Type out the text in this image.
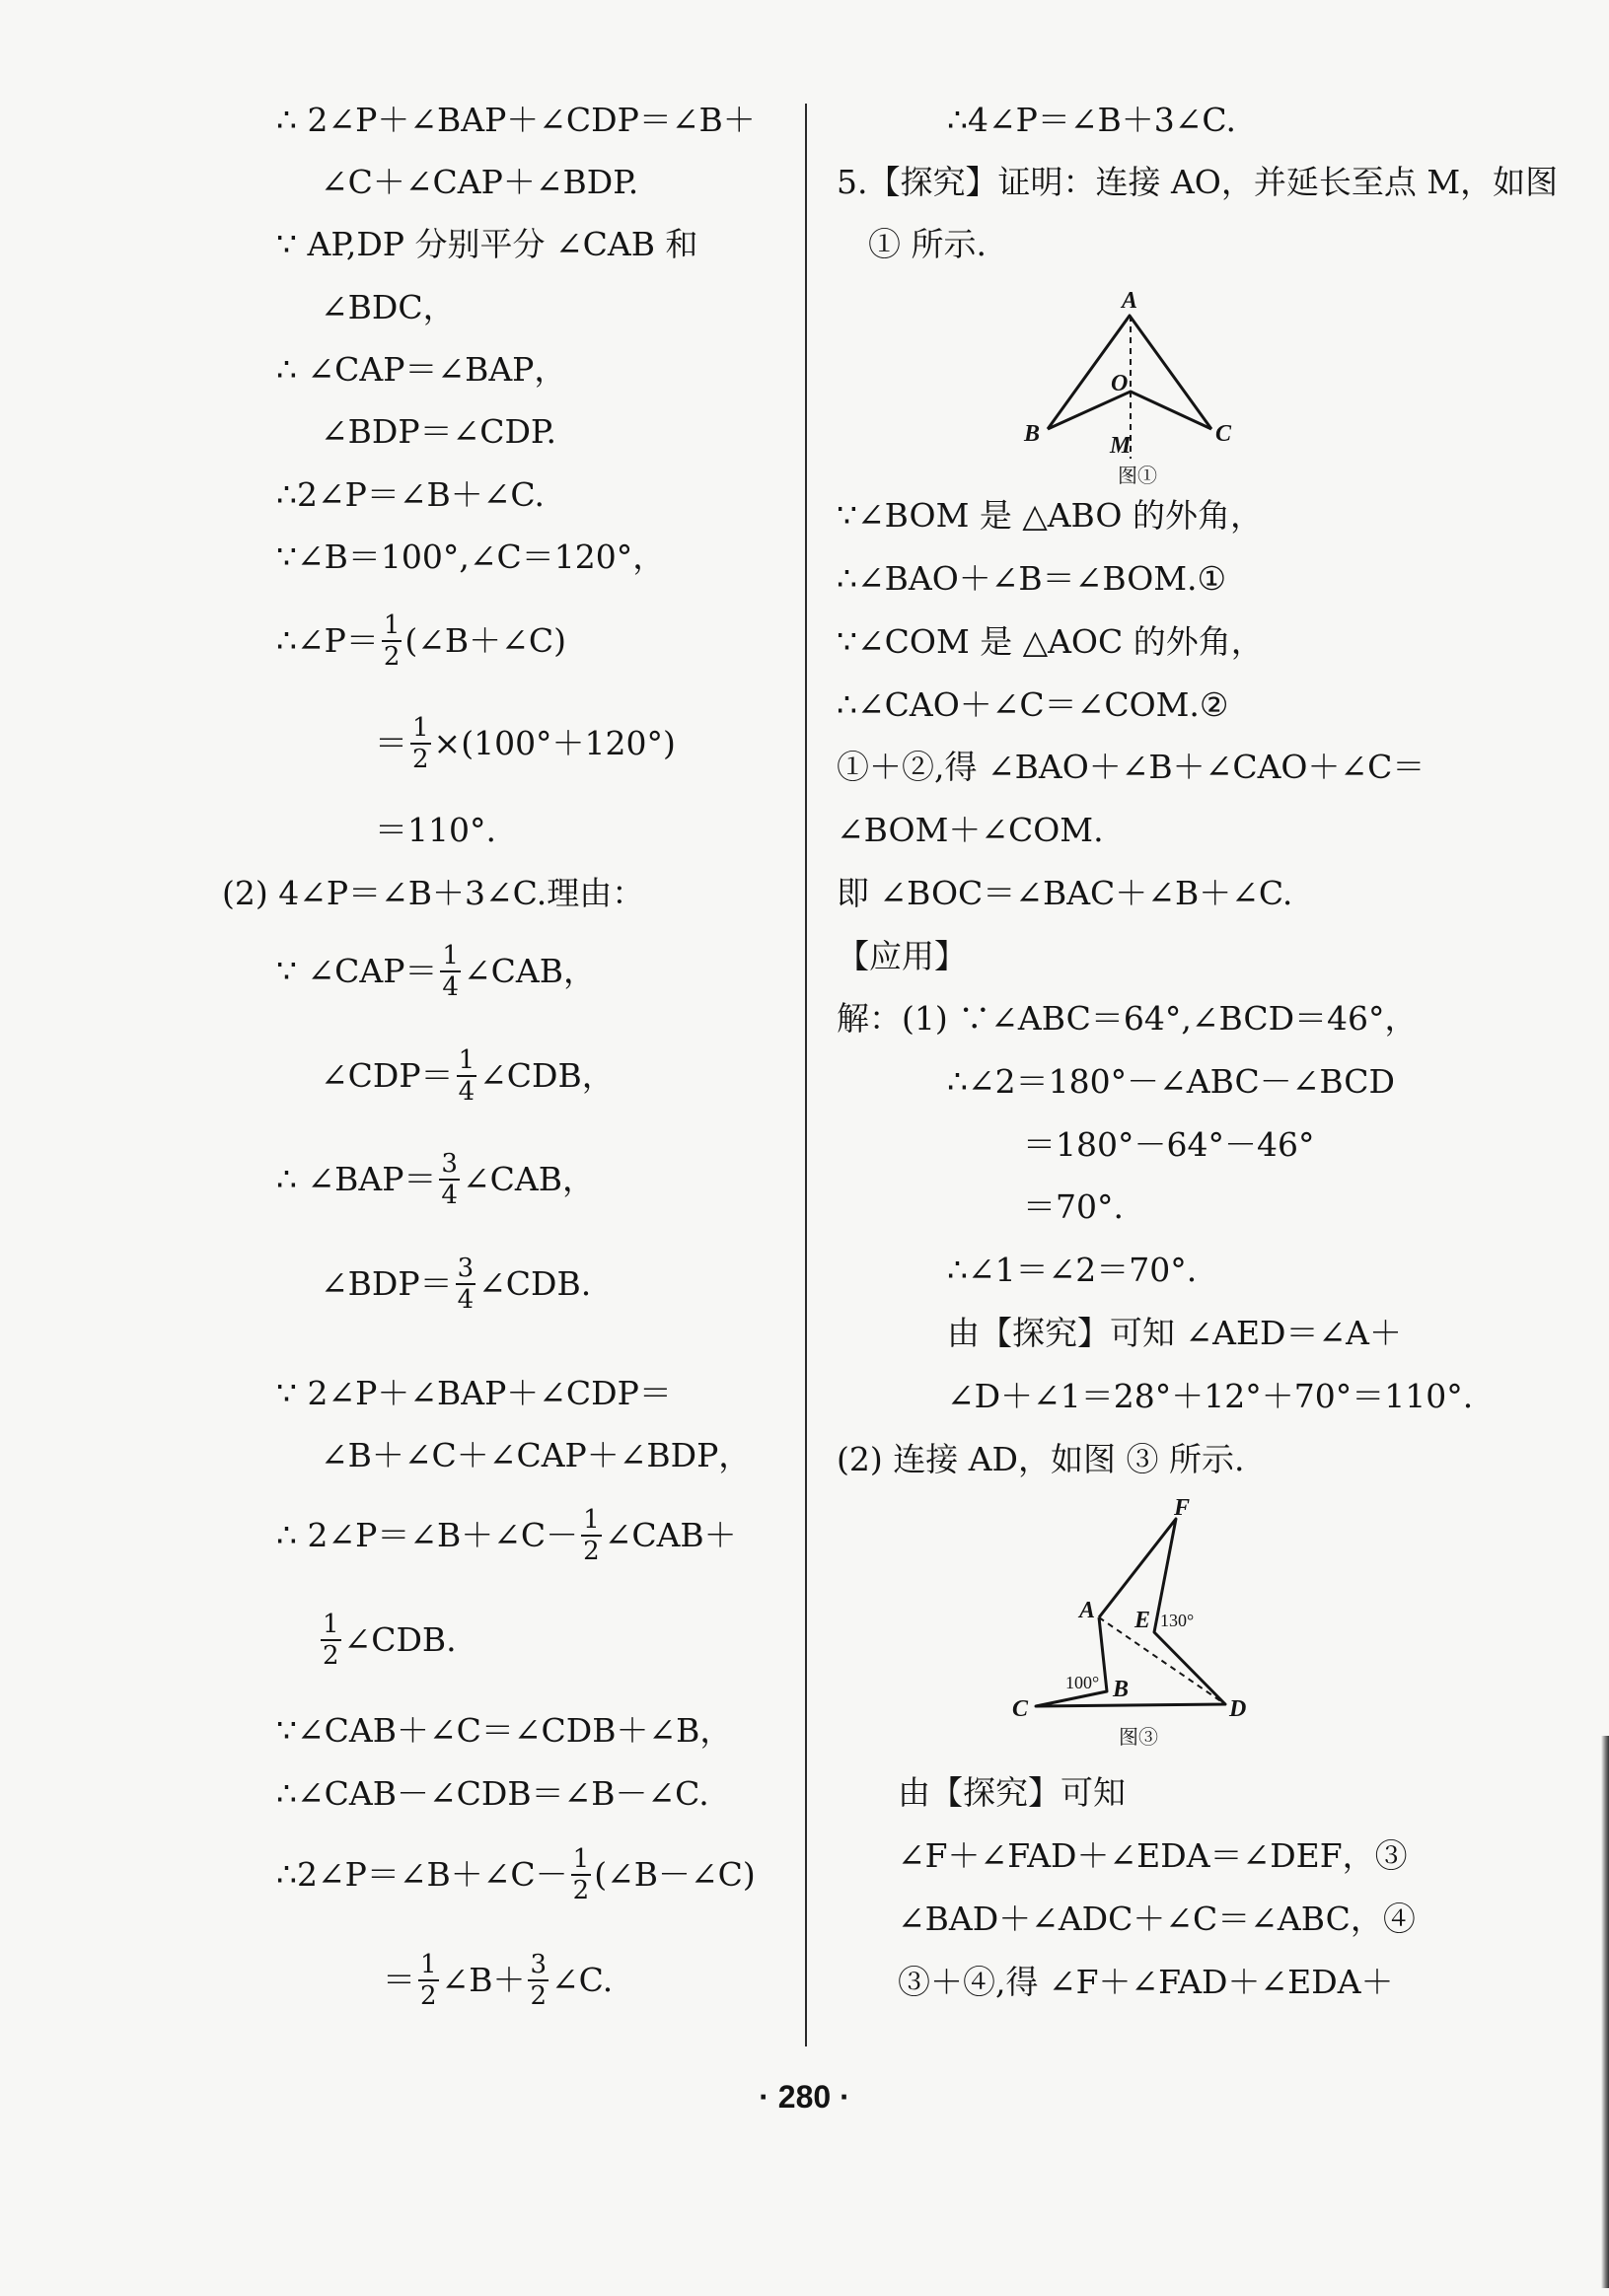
∴ 2∠P＋∠BAP＋∠CDP＝∠B＋
∠C＋∠CAP＋∠BDP.
∵ AP,DP 分别平分 ∠CAB 和
∠BDC，
∴ ∠CAP＝∠BAP，
∠BDP＝∠CDP.
∴2∠P＝∠B＋∠C.
∵∠B＝100°,∠C＝120°，
∴∠P＝ $\frac{1}{2}$ (∠B＋∠C)
＝ $\frac{1}{2} \times(100^\circ+120^\circ)$
＝110°.
(2) 4∠P＝∠B＋3∠C.理由：
∵ ∠CAP＝ $\frac{1}{4}$ ∠CAB，
∠CDP＝ $\frac{1}{4}$ ∠CDB，
∴ ∠BAP＝ $\frac{3}{4}$ ∠CAB，
∠BDP＝ $\frac{3}{4}$ ∠CDB.
∵ 2∠P＋∠BAP＋∠CDP＝
∠B＋∠C＋∠CAP＋∠BDP，
∴ 2∠P＝∠B＋∠C－ $\frac{1}{2}$ ∠CAB＋
$\frac{1}{2}$ ∠CDB.
∵∠CAB＋∠C＝∠CDB＋∠B，
∴∠CAB－∠CDB＝∠B－∠C.
∴2∠P＝∠B＋∠C－ $\frac{1}{2}$ (∠B－∠C)
＝ $\frac{1}{2}$ ∠B＋ $\frac{3}{2}$ ∠C.
∴4∠P＝∠B＋3∠C.
5.【探究】证明：连接 AO，并延长至点 M，如图
① 所示.
A
O
B	M	C
图①
∵∠BOM 是 △ABO 的外角，
∴∠BAO＋∠B＝∠BOM.①
∵∠COM 是 △AOC 的外角，
∴∠CAO＋∠C＝∠COM.②
①＋②,得 ∠BAO＋∠B＋∠CAO＋∠C＝
∠BOM＋∠COM.
即 ∠BOC＝∠BAC＋∠B＋∠C.
【应用】
解：(1) ∵∠ABC＝64°,∠BCD＝46°，
∴∠2＝180°－∠ABC－∠BCD
＝180°－64°－46°
＝70°.
∴∠1＝∠2＝70°.
由【探究】可知 ∠AED＝∠A＋
∠D＋∠1＝28°＋12°＋70°＝110°.
(2) 连接 AD，如图 ③ 所示.
F
A E
B
C	D
130°
100°
图③
由【探究】可知
∠F＋∠FAD＋∠EDA＝∠DEF，③
∠BAD＋∠ADC＋∠C＝∠ABC，④
③＋④,得 ∠F＋∠FAD＋∠EDA＋
· 280 ·
